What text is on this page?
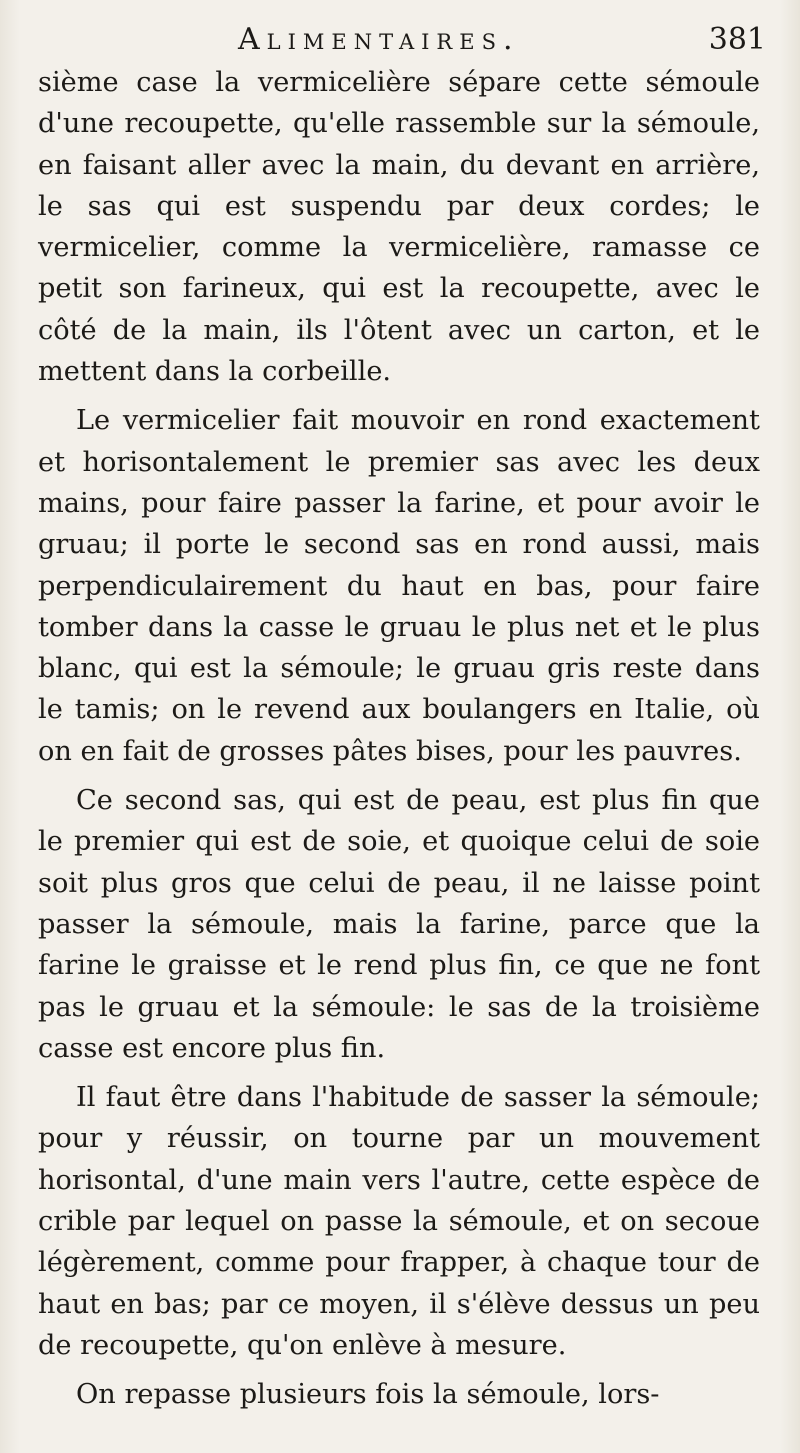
Alimentaires.	381

sième case la vermicelière sépare cette sémoule d'une recoupette, qu'elle rassemble sur la sémoule, en faisant aller avec la main, du devant en arrière, le sas qui est suspendu par deux cordes; le vermicelier, comme la vermicelière, ramasse ce petit son farineux, qui est la recoupette, avec le côté de la main, ils l'ôtent avec un carton, et le mettent dans la corbeille.

Le vermicelier fait mouvoir en rond exactement et horisontalement le premier sas avec les deux mains, pour faire passer la farine, et pour avoir le gruau; il porte le second sas en rond aussi, mais perpendiculairement du haut en bas, pour faire tomber dans la casse le gruau le plus net et le plus blanc, qui est la sémoule; le gruau gris reste dans le tamis; on le revend aux boulangers en Italie, où on en fait de grosses pâtes bises, pour les pauvres.

Ce second sas, qui est de peau, est plus fin que le premier qui est de soie, et quoique celui de soie soit plus gros que celui de peau, il ne laisse point passer la sémoule, mais la farine, parce que la farine le graisse et le rend plus fin, ce que ne font pas le gruau et la sémoule: le sas de la troisième casse est encore plus fin.

Il faut être dans l'habitude de sasser la sémoule; pour y réussir, on tourne par un mouvement horisontal, d'une main vers l'autre, cette espèce de crible par lequel on passe la sémoule, et on secoue légèrement, comme pour frapper, à chaque tour de haut en bas; par ce moyen, il s'élève dessus un peu de recoupette, qu'on enlève à mesure.

On repasse plusieurs fois la sémoule, lors-
